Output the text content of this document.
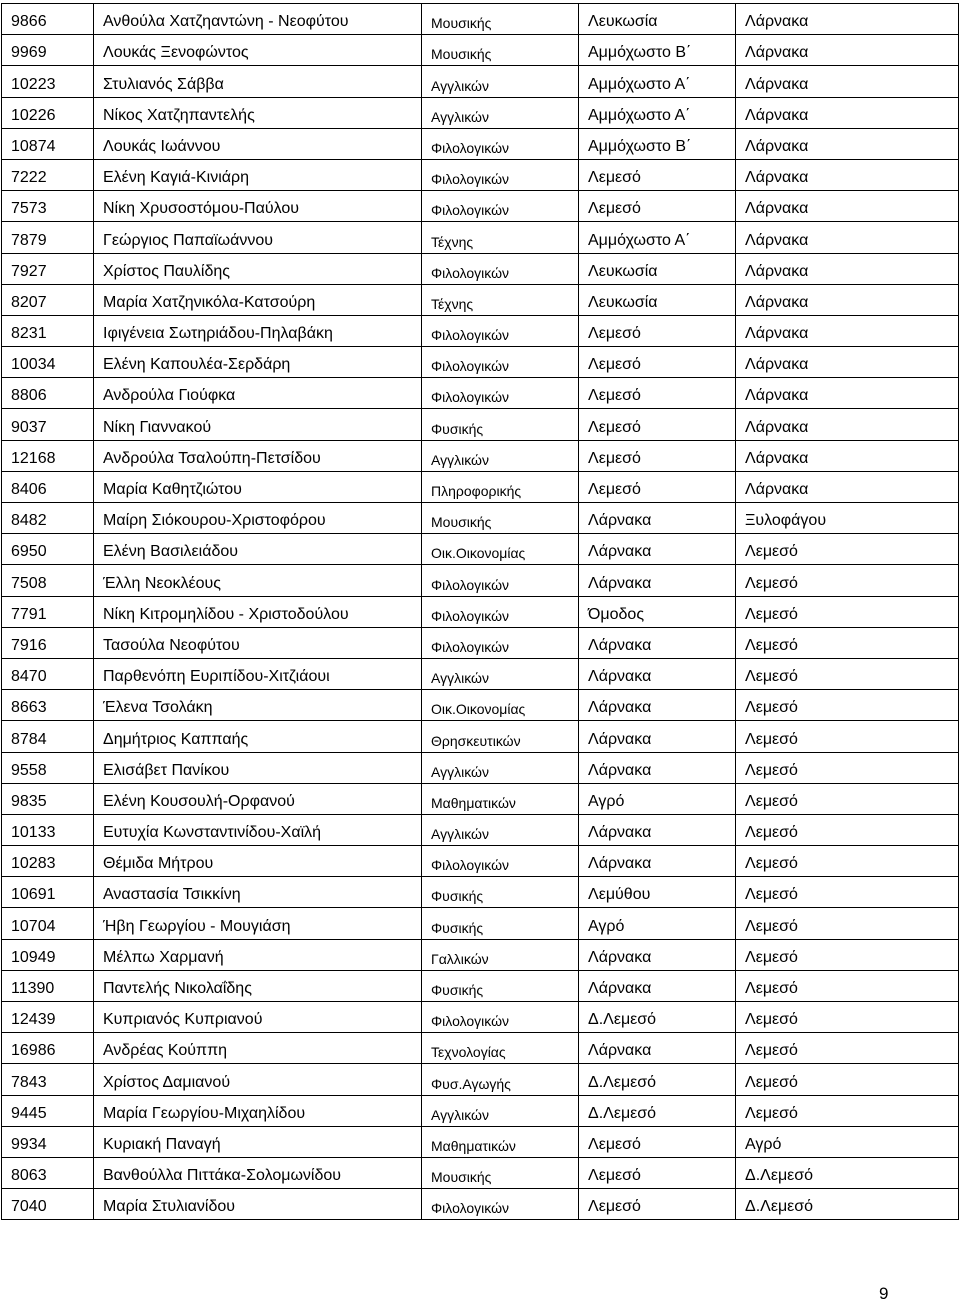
9866	Ανθούλα Χατζηαντώνη - Νεοφύτου	Μουσικής	Λευκωσία	Λάρνακα
9969	Λουκάς Ξενοφώντος	Μουσικής	Αμμόχωστο Β΄	Λάρνακα
10223	Στυλιανός Σάββα	Αγγλικών	Αμμόχωστο Α΄	Λάρνακα
10226	Νίκος Χατζηπαντελής	Αγγλικών	Αμμόχωστο Α΄	Λάρνακα
10874	Λουκάς Ιωάννου	Φιλολογικών	Αμμόχωστο Β΄	Λάρνακα
7222	Ελένη Καγιά-Κινιάρη	Φιλολογικών	Λεμεσό	Λάρνακα
7573	Νίκη Χρυσοστόμου-Παύλου	Φιλολογικών	Λεμεσό	Λάρνακα
7879	Γεώργιος Παπαϊωάννου	Τέχνης	Αμμόχωστο Α΄	Λάρνακα
7927	Χρίστος Παυλίδης	Φιλολογικών	Λευκωσία	Λάρνακα
8207	Μαρία Χατζηνικόλα-Κατσούρη	Τέχνης	Λευκωσία	Λάρνακα
8231	Ιφιγένεια Σωτηριάδου-Πηλαβάκη	Φιλολογικών	Λεμεσό	Λάρνακα
10034	Ελένη Καπουλέα-Σερδάρη	Φιλολογικών	Λεμεσό	Λάρνακα
8806	Ανδρούλα Γιούφκα	Φιλολογικών	Λεμεσό	Λάρνακα
9037	Νίκη Γιαννακού	Φυσικής	Λεμεσό	Λάρνακα
12168	Ανδρούλα Τσαλούπη-Πετσίδου	Αγγλικών	Λεμεσό	Λάρνακα
8406	Μαρία Καθητζιώτου	Πληροφορικής	Λεμεσό	Λάρνακα
8482	Μαίρη Σιόκουρου-Χριστοφόρου	Μουσικής	Λάρνακα	Ξυλοφάγου
6950	Ελένη Βασιλειάδου	Οικ.Οικονομίας	Λάρνακα	Λεμεσό
7508	Έλλη Νεοκλέους	Φιλολογικών	Λάρνακα	Λεμεσό
7791	Νίκη Κιτρομηλίδου - Χριστοδούλου	Φιλολογικών	Όμοδος	Λεμεσό
7916	Τασούλα Νεοφύτου	Φιλολογικών	Λάρνακα	Λεμεσό
8470	Παρθενόπη Ευριπίδου-Χιτζιάουι	Αγγλικών	Λάρνακα	Λεμεσό
8663	Έλενα Τσολάκη	Οικ.Οικονομίας	Λάρνακα	Λεμεσό
8784	Δημήτριος Καππαής	Θρησκευτικών	Λάρνακα	Λεμεσό
9558	Ελισάβετ Πανίκου	Αγγλικών	Λάρνακα	Λεμεσό
9835	Ελένη Κουσουλή-Ορφανού	Μαθηματικών	Αγρό	Λεμεσό
10133	Ευτυχία Κωνσταντινίδου-Χαϊλή	Αγγλικών	Λάρνακα	Λεμεσό
10283	Θέμιδα Μήτρου	Φιλολογικών	Λάρνακα	Λεμεσό
10691	Αναστασία Τσικκίνη	Φυσικής	Λεμύθου	Λεμεσό
10704	Ήβη Γεωργίου - Μουγιάση	Φυσικής	Αγρό	Λεμεσό
10949	Μέλπω Χαρμανή	Γαλλικών	Λάρνακα	Λεμεσό
11390	Παντελής Νικολαΐδης	Φυσικής	Λάρνακα	Λεμεσό
12439	Κυπριανός Κυπριανού	Φιλολογικών	Δ.Λεμεσό	Λεμεσό
16986	Ανδρέας Κούππη	Τεχνολογίας	Λάρνακα	Λεμεσό
7843	Χρίστος Δαμιανού	Φυσ.Αγωγής	Δ.Λεμεσό	Λεμεσό
9445	Μαρία Γεωργίου-Μιχαηλίδου	Αγγλικών	Δ.Λεμεσό	Λεμεσό
9934	Κυριακή Παναγή	Μαθηματικών	Λεμεσό	Αγρό
8063	Βανθούλλα Πιττάκα-Σολομωνίδου	Μουσικής	Λεμεσό	Δ.Λεμεσό
7040	Μαρία Στυλιανίδου	Φιλολογικών	Λεμεσό	Δ.Λεμεσό
9
